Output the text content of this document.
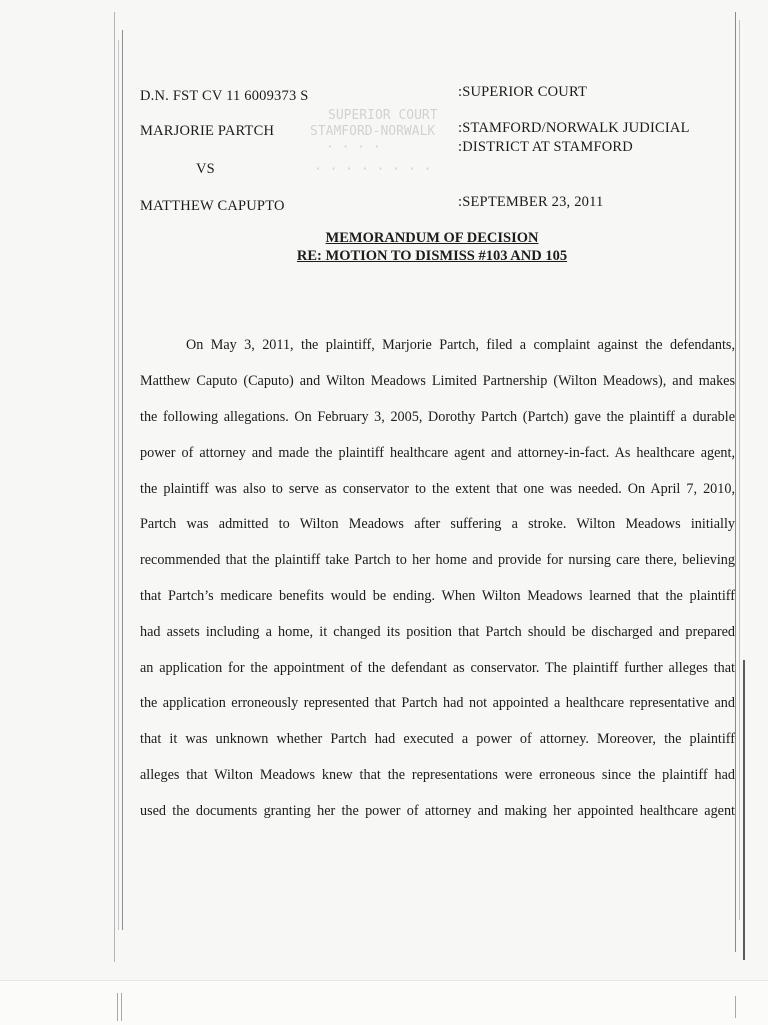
D.N. FST CV 11 6009373 S	:SUPERIOR COURT
MARJORIE PARTCH	:STAMFORD/NORWALK JUDICIAL
:DISTRICT AT STAMFORD
VS
MATTHEW CAPUPTO	:SEPTEMBER 23, 2011
SUPERIOR COURT
STAMFORD-NORWALK
· · · ·
· · · · · · · ·
MEMORANDUM OF DECISION
RE: MOTION TO DISMISS #103 AND 105
On May 3, 2011, the plaintiff, Marjorie Partch, filed a complaint against the defendants,
Matthew Caputo (Caputo) and Wilton Meadows Limited Partnership (Wilton Meadows), and makes
the following allegations. On February 3, 2005, Dorothy Partch (Partch) gave the plaintiff a durable
power of attorney and made the plaintiff healthcare agent and attorney-in-fact. As healthcare agent,
the plaintiff was also to serve as conservator to the extent that one was needed. On April 7, 2010,
Partch was admitted to Wilton Meadows after suffering a stroke. Wilton Meadows initially
recommended that the plaintiff take Partch to her home and provide for nursing care there, believing
that Partch’s medicare benefits would be ending. When Wilton Meadows learned that the plaintiff
had assets including a home, it changed its position that Partch should be discharged and prepared
an application for the appointment of the defendant as conservator. The plaintiff further alleges that
the application erroneously represented that Partch had not appointed a healthcare representative and
that it was unknown whether Partch had executed a power of attorney. Moreover, the plaintiff
alleges that Wilton Meadows knew that the representations were erroneous since the plaintiff had
used the documents granting her the power of attorney and making her appointed healthcare agent
